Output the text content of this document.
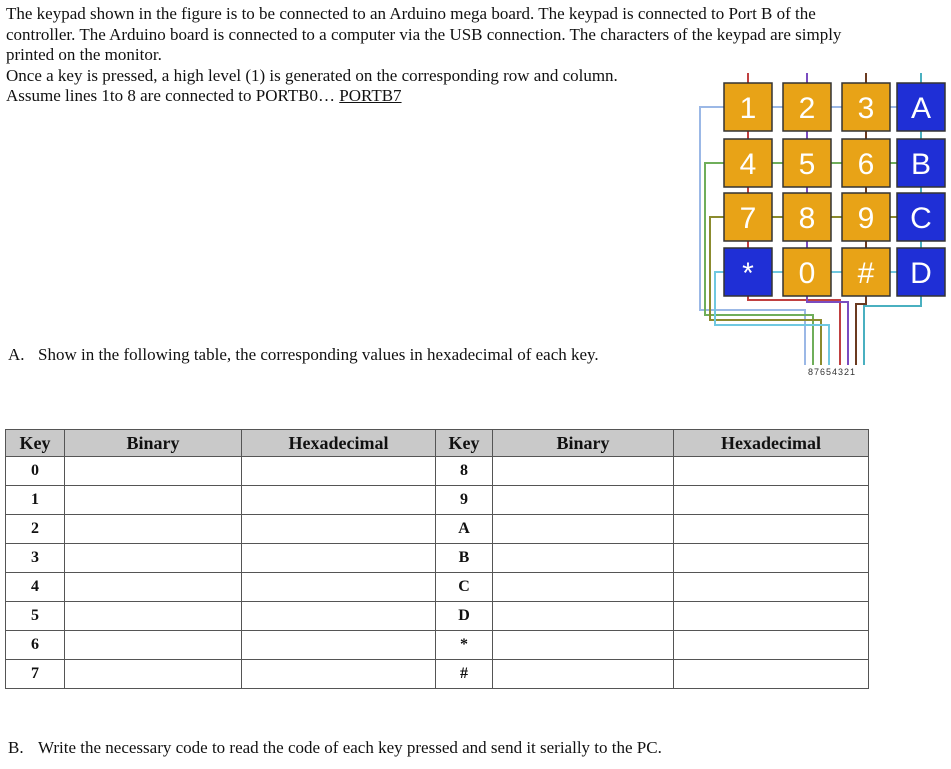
The keypad shown in the figure is to be connected to an Arduino mega board. The keypad is connected to Port B of the controller. The Arduino board is connected to a computer via the USB connection. The characters of the keypad are simply printed on the monitor.

Once a key is pressed, a high level (1) is generated on the corresponding row and column.
Assume lines 1to 8 are connected to PORTB0… PORTB7

A. Show in the following table, the corresponding values in hexadecimal of each key.
1 2 3 A
4 5 6 B
7 8 9 C
* 0 # D
87654321
Key	Binary	Hexadecimal	Key	Binary	Hexadecimal
0			8		
1			9		
2			A		
3			B		
4			C		
5			D		
6			*		
7			#		
B. Write the necessary code to read the code of each key pressed and send it serially to the PC.
